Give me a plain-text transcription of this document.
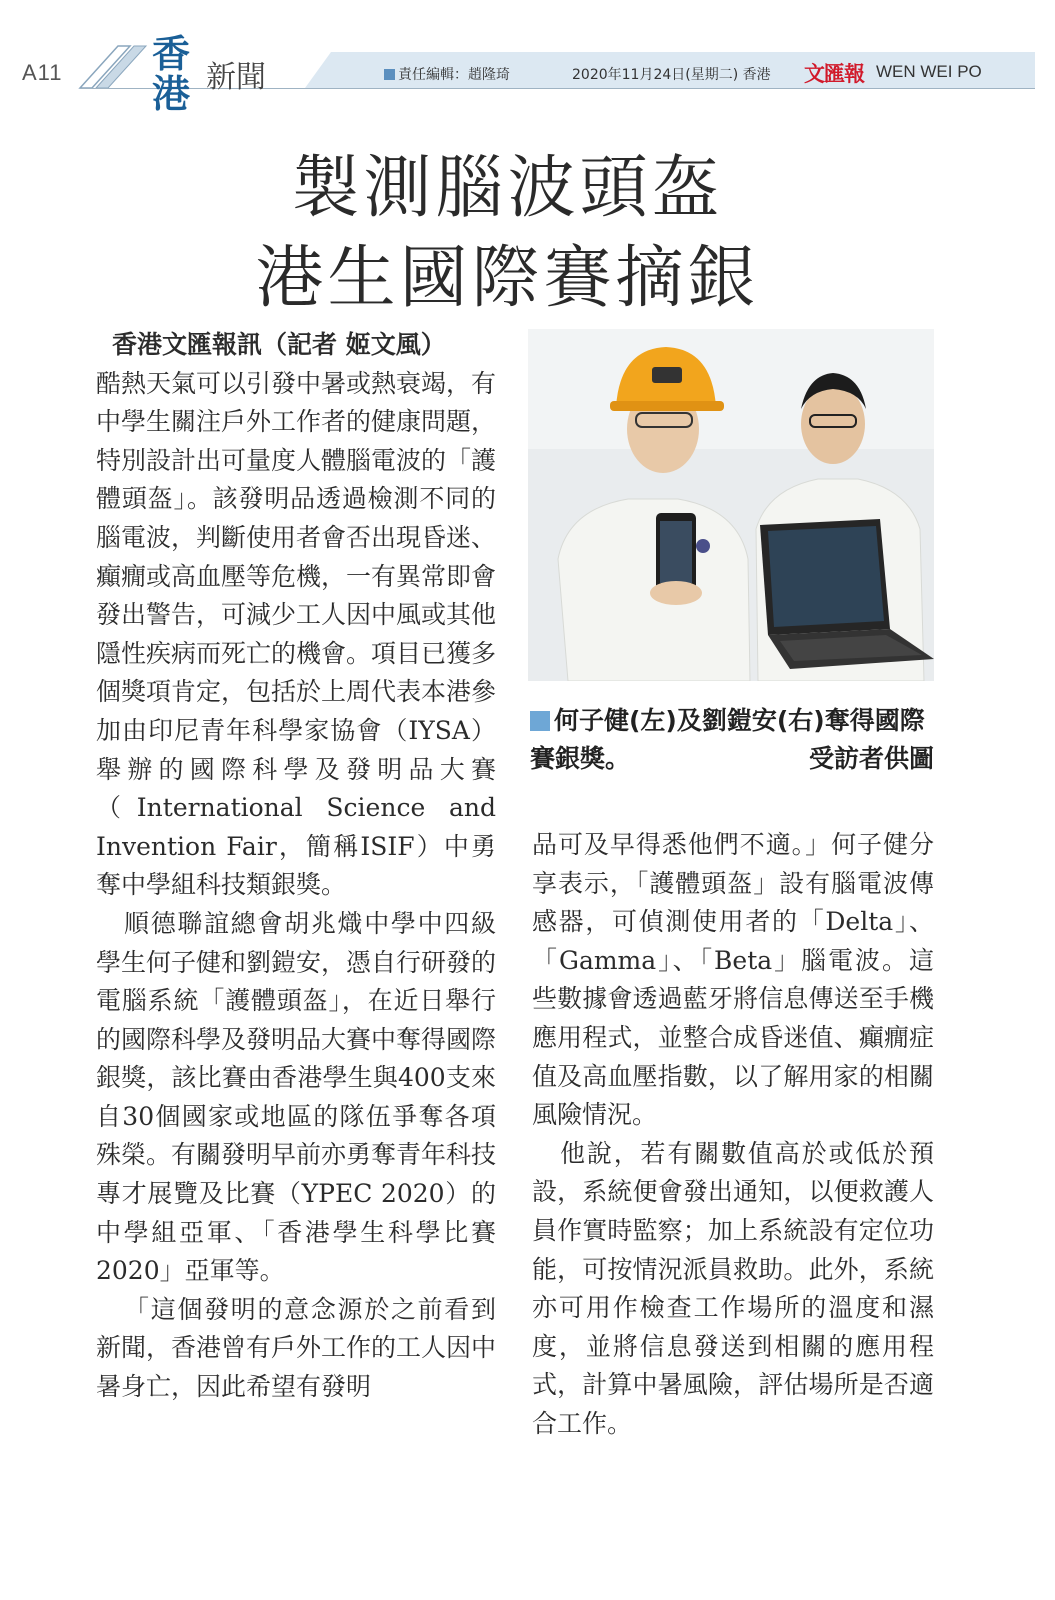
A11 香港 新聞	責任編輯：趙隆琦	2020年11月24日(星期二) 香港 文匯報 WEN WEI PO
製測腦波頭盔
港生國際賽摘銀

香港文匯報訊（記者 姬文風）

酷熱天氣可以引發中暑或熱衰竭，有中學生關注戶外工作者的健康問題，特別設計出可量度人體腦電波的「護體頭盔」。該發明品透過檢測不同的腦電波，判斷使用者會否出現昏迷、癲癇或高血壓等危機，一有異常即會發出警告，可減少工人因中風或其他隱性疾病而死亡的機會。項目已獲多個獎項肯定，包括於上周代表本港參加由印尼青年科學家協會（IYSA）舉辦的國際科學及發明品大賽（International Science and Invention Fair，簡稱ISIF）中勇奪中學組科技類銀獎。

順德聯誼總會胡兆熾中學中四級學生何子健和劉鎧安，憑自行研發的電腦系統「護體頭盔」，在近日舉行的國際科學及發明品大賽中奪得國際銀獎，該比賽由香港學生與400支來自30個國家或地區的隊伍爭奪各項殊榮。有關發明早前亦勇奪青年科技專才展覽及比賽（YPEC 2020）的中學組亞軍、「香港學生科學比賽2020」亞軍等。

「這個發明的意念源於之前看到新聞，香港曾有戶外工作的工人因中暑身亡，因此希望有發明

何子健(左)及劉鎧安(右)奪得國際賽銀獎。	受訪者供圖

品可及早得悉他們不適。」何子健分享表示，「護體頭盔」設有腦電波傳感器，可偵測使用者的「Delta」、「Gamma」、「Beta」腦電波。這些數據會透過藍牙將信息傳送至手機應用程式，並整合成昏迷值、癲癇症值及高血壓指數，以了解用家的相關風險情況。

他說，若有關數值高於或低於預設，系統便會發出通知，以便救護人員作實時監察；加上系統設有定位功能，可按情況派員救助。此外，系統亦可用作檢查工作場所的溫度和濕度，並將信息發送到相關的應用程式，計算中暑風險，評估場所是否適合工作。
